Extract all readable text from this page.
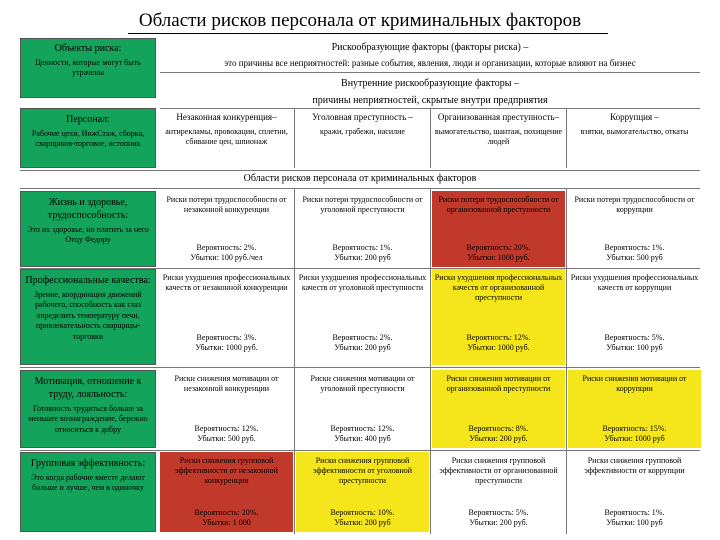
Области рисков персонала от криминальных факторов
Объекты риска:
Ценности, которые могут быть утрачены
Рискообразующие факторы (факторы риска) –
это причины все неприятностей: разные события, явления, люди и организации, которые влияют на бизнес
Внутренние рискообразующие факторы –
причины неприятностей, скрытые внутри предприятия
Персонал:
Рабочие цехи, ИнжСтаж, сборка, сварщиков-торговое, истопник
Незаконная конкуренция–
антирекламы, провокации, сплетни, сбивание цен, шпионаж
Уголовная преступность –
кражи, грабежи, насилие
Организованная преступность–
вымогательство, шантаж, похищение людей
Коррупция –
взятки, вымогательство, откаты
Области рисков персонала от криминальных факторов
Жизнь и здоровье, трудоспособность:
Это их здоровье, но платить за него Отцу Федору
Риски потери трудоспособности от незаконной конкуренции
Вероятность: 2%.
Убытки: 100 руб./чел
Риски потери трудоспособности от уголовной преступности
Вероятность: 1%.
Убытки: 200 руб
Риски потери трудоспособности от организованной преступности
Вероятность: 20%.
Убытки: 1000 руб.
Риски потери трудоспособности от коррупции
Вероятность: 1%.
Убытки: 500 руб
Профессиональные качества:
Зрение, координация движений рабочего, способность как глаз определить температуру печи, привлекательность сварщицы-торговки
Риски ухудшения профессиональных качеств от незаконной конкуренции
Вероятность: 3%.
Убытки: 1000 руб.
Риски ухудшения профессиональных качеств от уголовной преступности
Вероятность: 2%.
Убытки: 200 руб
Риски ухудшения профессиональных качеств от организованной преступности
Вероятность: 12%.
Убытки: 1000 руб.
Риски ухудшения профессиональных качеств от коррупции
Вероятность: 5%.
Убытки: 100 руб
Мотивация, отношение к труду, лояльность:
Готовность трудиться больше за меньшее вознаграждение, бережно относиться к добру
Риски снижения мотивации от незаконной конкуренции
Вероятность: 12%.
Убытки: 500 руб.
Риски снижения мотивации от уголовной преступности
Вероятность: 12%.
Убытки: 400 руб
Риски снижения мотивации от организованной преступности
Вероятность: 8%.
Убытки: 200 руб.
Риски снижения мотивации от коррупции
Вероятность: 15%.
Убытки: 1000 руб
Групповая эффективность:
Это когда рабочие вместе делают больше и лучше, чем в одиночку
Риски снижения групповой эффективности от незаконной конкуренции
Вероятность: 20%.
Убытки: 1 000
Риски снижения групповой эффективности от уголовной преступности
Вероятность: 10%.
Убытки: 200 руб
Риски снижения групповой эффективности от организованной преступности
Вероятность: 5%.
Убытки: 200 руб.
Риски снижения групповой эффективности от коррупции
Вероятность: 1%.
Убытки: 100 руб
